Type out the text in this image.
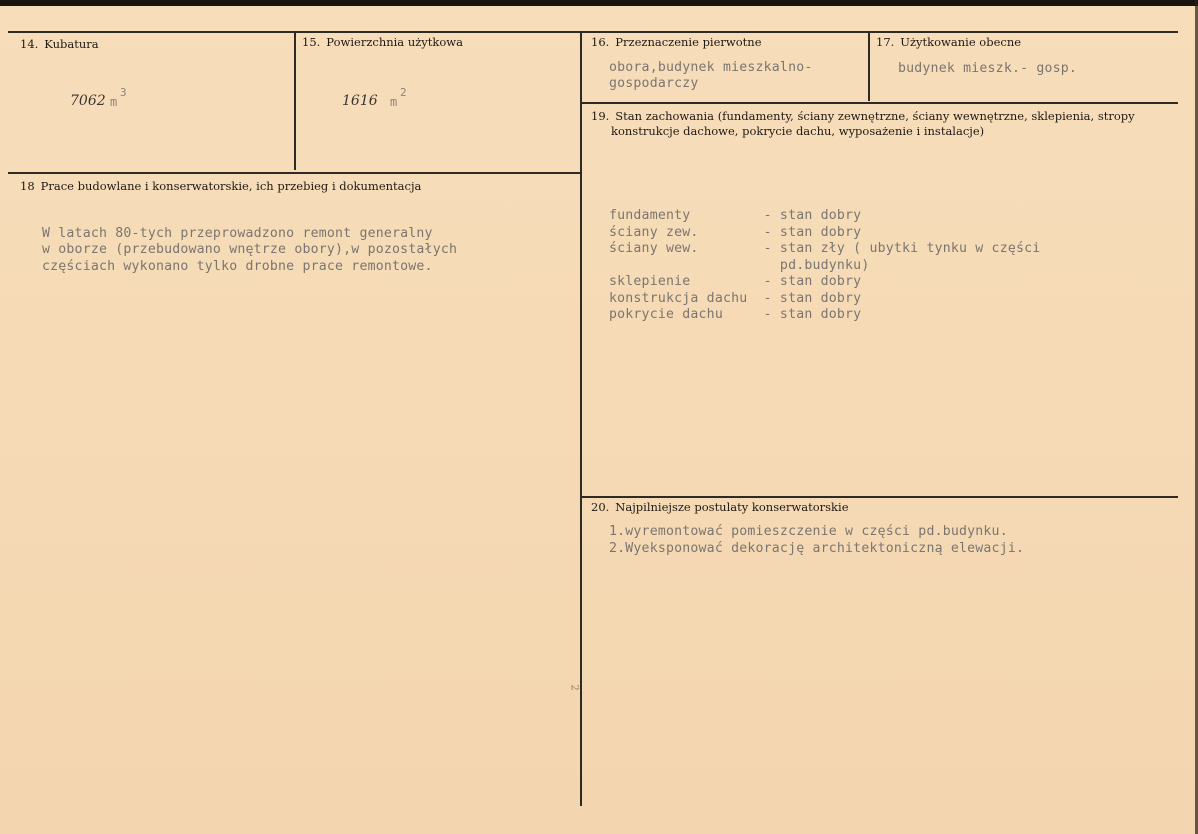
14. Kubatura
7062 m
3
15. Powierzchnia użytkowa
1616 m
2
16. Przeznaczenie pierwotne
obora,budynek mieszkalno-
gospodarczy
17. Użytkowanie obecne
budynek mieszk.- gosp.
19. Stan zachowania (fundamenty, ściany zewnętrzne, ściany wewnętrzne, sklepienia, stropy
konstrukcje dachowe, pokrycie dachu, wyposażenie i instalacje)
fundamenty         - stan dobry
ściany zew.        - stan dobry
ściany wew.        - stan zły ( ubytki tynku w części
pd.budynku)
sklepienie         - stan dobry
konstrukcja dachu  - stan dobry
pokrycie dachu     - stan dobry
18 Prace budowlane i konserwatorskie, ich przebieg i dokumentacja
W latach 80-tych przeprowadzono remont generalny
w oborze (przebudowano wnętrze obory),w pozostałych
częściach wykonano tylko drobne prace remontowe.
20. Najpilniejsze postulaty konserwatorskie
1.wyremontować pomieszczenie w części pd.budynku.
2.Wyeksponować dekorację architektoniczną elewacji.
2
